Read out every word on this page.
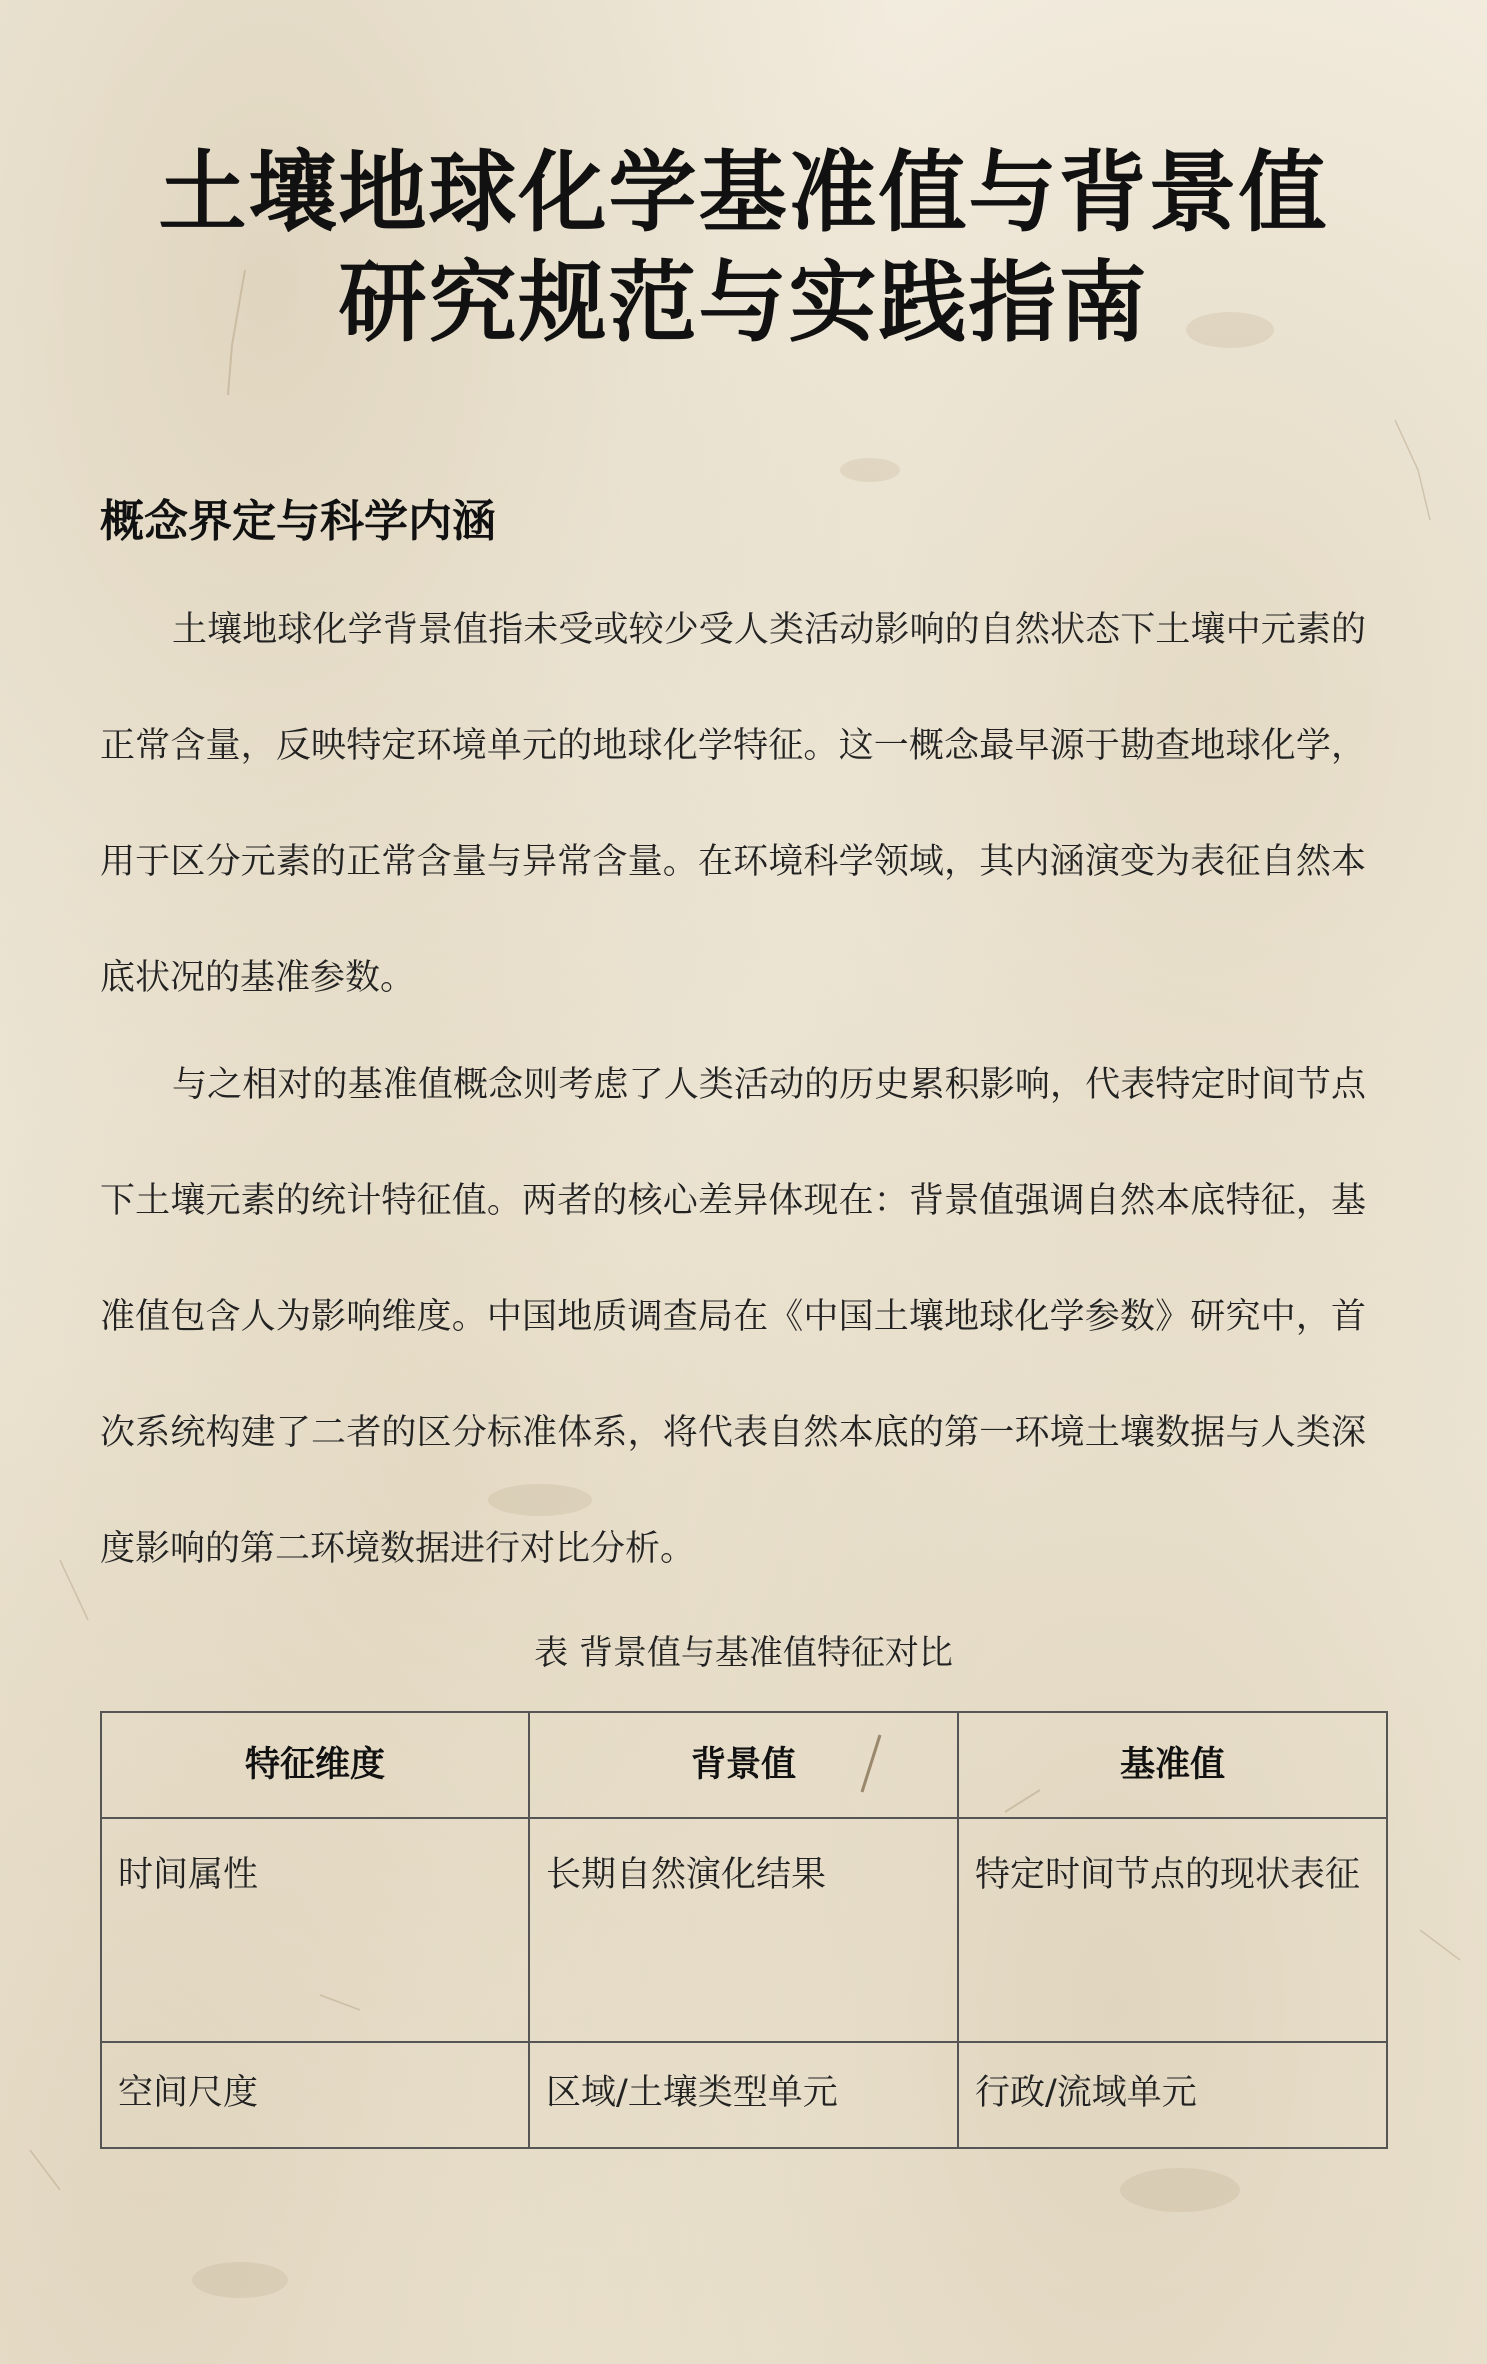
土壤地球化学基准值与背景值
研究规范与实践指南
概念界定与科学内涵

土壤地球化学背景值指未受或较少受人类活动影响的自然状态下土壤中元素的正常含量，反映特定环境单元的地球化学特征。这一概念最早源于勘查地球化学，用于区分元素的正常含量与异常含量。在环境科学领域，其内涵演变为表征自然本底状况的基准参数。

与之相对的基准值概念则考虑了人类活动的历史累积影响，代表特定时间节点下土壤元素的统计特征值。两者的核心差异体现在：背景值强调自然本底特征，基准值包含人为影响维度。中国地质调查局在《中国土壤地球化学参数》研究中，首次系统构建了二者的区分标准体系，将代表自然本底的第一环境土壤数据与人类深度影响的第二环境数据进行对比分析。

表 背景值与基准值特征对比

特征维度	背景值	基准值
时间属性	长期自然演化结果	特定时间节点的现状表征
空间尺度	区域/土壤类型单元	行政/流域单元
